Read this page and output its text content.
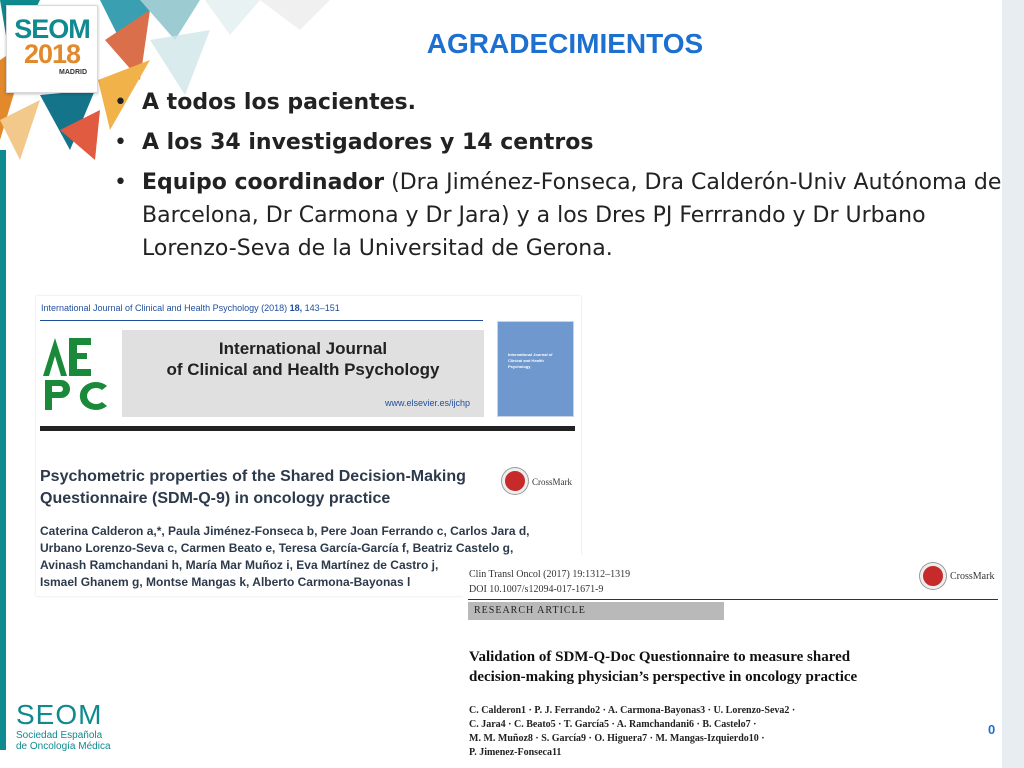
SEOM
2018
MADRID
AGRADECIMIENTOS
• A todos los pacientes.
• A los 34 investigadores y 14 centros
• Equipo coordinador (Dra Jiménez-Fonseca, Dra Calderón-Univ Autónoma de Barcelona, Dr Carmona y Dr Jara) y a los Dres PJ Ferrrando y Dr Urbano Lorenzo-Seva de la Universitad de Gerona.
International Journal of Clinical and Health Psychology (2018) 18, 143–151
International Journal
of Clinical and Health Psychology
www.elsevier.es/ijchp
International Journal of
Clinical and Health
Psychology
Psychometric properties of the Shared Decision-Making
Questionnaire (SDM-Q-9) in oncology practice
CrossMark
Caterina Calderon a,*, Paula Jiménez-Fonseca b, Pere Joan Ferrando c, Carlos Jara d,
Urbano Lorenzo-Seva c, Carmen Beato e, Teresa García-García f, Beatriz Castelo g,
Avinash Ramchandani h, María Mar Muñoz i, Eva Martínez de Castro j,
Ismael Ghanem g, Montse Mangas k, Alberto Carmona-Bayonas l
Clin Transl Oncol (2017) 19:1312–1319
DOI 10.1007/s12094-017-1671-9
CrossMark
RESEARCH ARTICLE
Validation of SDM-Q-Doc Questionnaire to measure shared
decision-making physician’s perspective in oncology practice
C. Calderon1 · P. J. Ferrando2 · A. Carmona-Bayonas3 · U. Lorenzo-Seva2 ·
C. Jara4 · C. Beato5 · T. García5 · A. Ramchandani6 · B. Castelo7 ·
M. M. Muñoz8 · S. García9 · O. Higuera7 · M. Mangas-Izquierdo10 ·
P. Jimenez-Fonseca11
0
SEOM
Sociedad Española
de Oncología Médica
